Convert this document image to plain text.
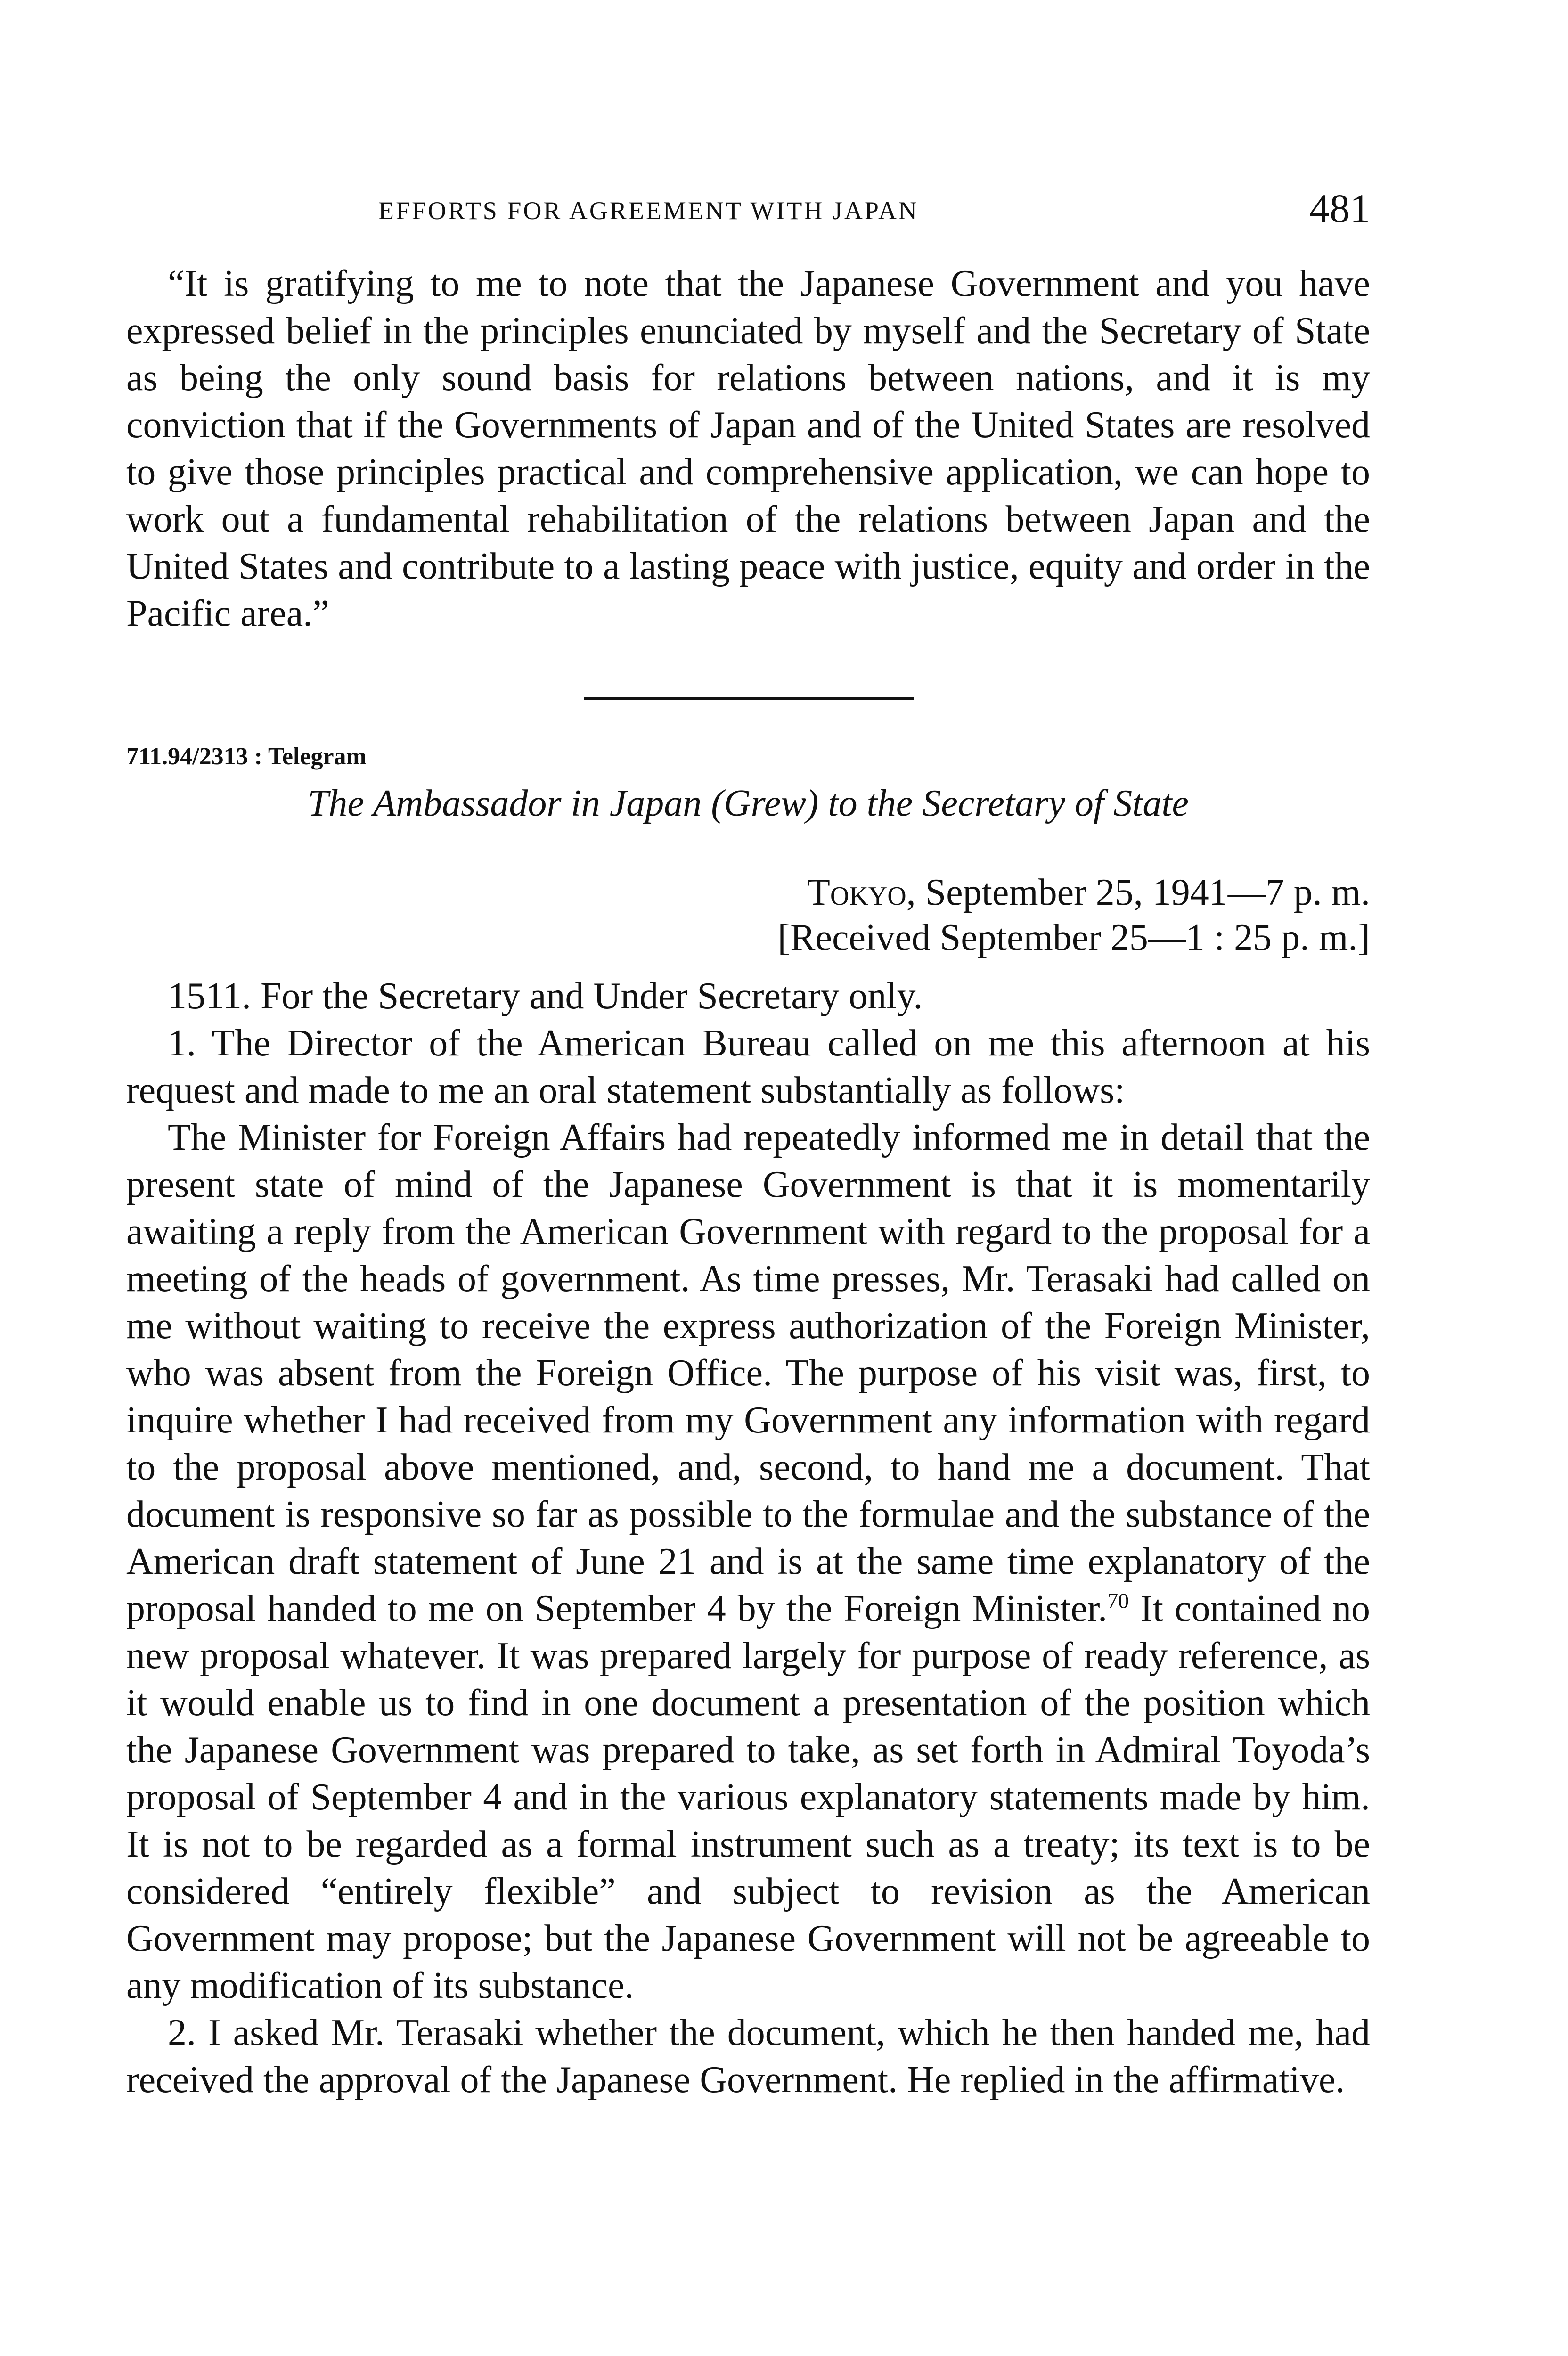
EFFORTS FOR AGREEMENT WITH JAPAN	481

“It is gratifying to me to note that the Japanese Government and you have expressed belief in the principles enunciated by myself and the Secretary of State as being the only sound basis for relations between nations, and it is my conviction that if the Governments of Japan and of the United States are resolved to give those principles practical and comprehensive application, we can hope to work out a fundamental rehabilitation of the relations between Japan and the United States and contribute to a lasting peace with justice, equity and order in the Pacific area.”

711.94/2313 : Telegram
The Ambassador in Japan (Grew) to the Secretary of State
Tokyo, September 25, 1941—7 p. m.
[Received September 25—1 : 25 p. m.]

1511. For the Secretary and Under Secretary only.

1. The Director of the American Bureau called on me this afternoon at his request and made to me an oral statement substantially as follows:

The Minister for Foreign Affairs had repeatedly informed me in detail that the present state of mind of the Japanese Government is that it is momentarily awaiting a reply from the American Government with regard to the proposal for a meeting of the heads of government. As time presses, Mr. Terasaki had called on me without waiting to receive the express authorization of the Foreign Minister, who was absent from the Foreign Office. The purpose of his visit was, first, to inquire whether I had received from my Government any information with regard to the proposal above mentioned, and, second, to hand me a document. That document is responsive so far as possible to the formulae and the substance of the American draft statement of June 21 and is at the same time explanatory of the proposal handed to me on September 4 by the Foreign Minister.$^{70}$ It contained no new proposal whatever. It was prepared largely for purpose of ready reference, as it would enable us to find in one document a presentation of the position which the Japanese Government was prepared to take, as set forth in Admiral Toyoda’s proposal of September 4 and in the various explanatory statements made by him. It is not to be regarded as a formal instrument such as a treaty; its text is to be considered “entirely flexible” and subject to revision as the American Government may propose; but the Japanese Government will not be agreeable to any modification of its substance.

2. I asked Mr. Terasaki whether the document, which he then handed me, had received the approval of the Japanese Government. He replied in the affirmative.
